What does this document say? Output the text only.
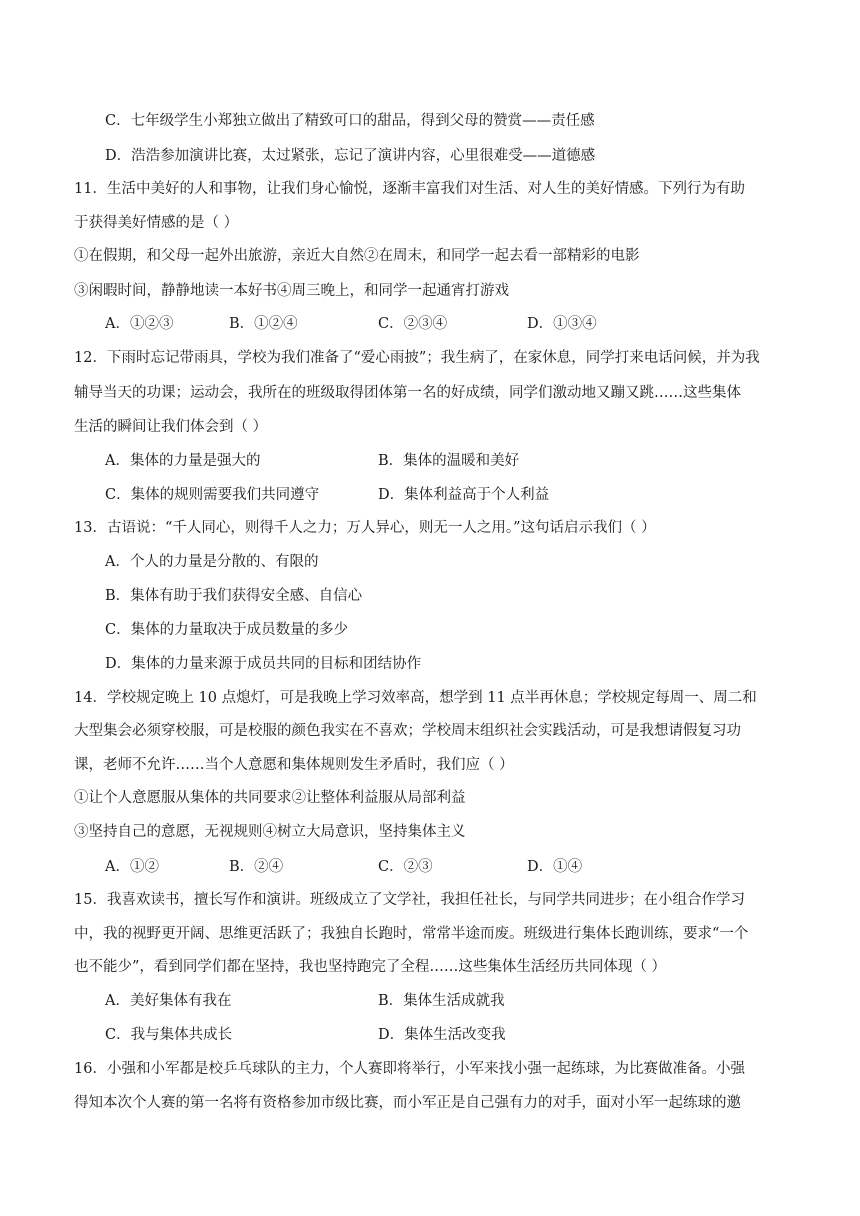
C．七年级学生小郑独立做出了精致可口的甜品，得到父母的赞赏——责任感
D．浩浩参加演讲比赛，太过紧张，忘记了演讲内容，心里很难受——道德感
11．生活中美好的人和事物，让我们身心愉悦，逐渐丰富我们对生活、对人生的美好情感。下列行为有助
于获得美好情感的是（ ）
①在假期，和父母一起外出旅游，亲近大自然②在周末，和同学一起去看一部精彩的电影
③闲暇时间，静静地读一本好书④周三晚上，和同学一起通宵打游戏
A．①②③	B．①②④	C．②③④	D．①③④
12．下雨时忘记带雨具，学校为我们准备了“爱心雨披”；我生病了，在家休息，同学打来电话问候，并为我
辅导当天的功课；运动会，我所在的班级取得团体第一名的好成绩，同学们激动地又蹦又跳……这些集体
生活的瞬间让我们体会到（ ）
A．集体的力量是强大的	B．集体的温暖和美好
C．集体的规则需要我们共同遵守	D．集体利益高于个人利益
13．古语说：“千人同心，则得千人之力；万人异心，则无一人之用。”这句话启示我们（ ）
A．个人的力量是分散的、有限的
B．集体有助于我们获得安全感、自信心
C．集体的力量取决于成员数量的多少
D．集体的力量来源于成员共同的目标和团结协作
14．学校规定晚上 10 点熄灯，可是我晚上学习效率高，想学到 11 点半再休息；学校规定每周一、周二和
大型集会必须穿校服，可是校服的颜色我实在不喜欢；学校周末组织社会实践活动，可是我想请假复习功
课，老师不允许……当个人意愿和集体规则发生矛盾时，我们应（ ）
①让个人意愿服从集体的共同要求②让整体利益服从局部利益
③坚持自己的意愿，无视规则④树立大局意识，坚持集体主义
A．①②	B．②④	C．②③	D．①④
15．我喜欢读书，擅长写作和演讲。班级成立了文学社，我担任社长，与同学共同进步；在小组合作学习
中，我的视野更开阔、思维更活跃了；我独自长跑时，常常半途而废。班级进行集体长跑训练，要求“一个
也不能少”，看到同学们都在坚持，我也坚持跑完了全程……这些集体生活经历共同体现（ ）
A．美好集体有我在	B．集体生活成就我
C．我与集体共成长	D．集体生活改变我
16．小强和小军都是校乒乓球队的主力，个人赛即将举行，小军来找小强一起练球，为比赛做准备。小强
得知本次个人赛的第一名将有资格参加市级比赛，而小军正是自己强有力的对手，面对小军一起练球的邀
